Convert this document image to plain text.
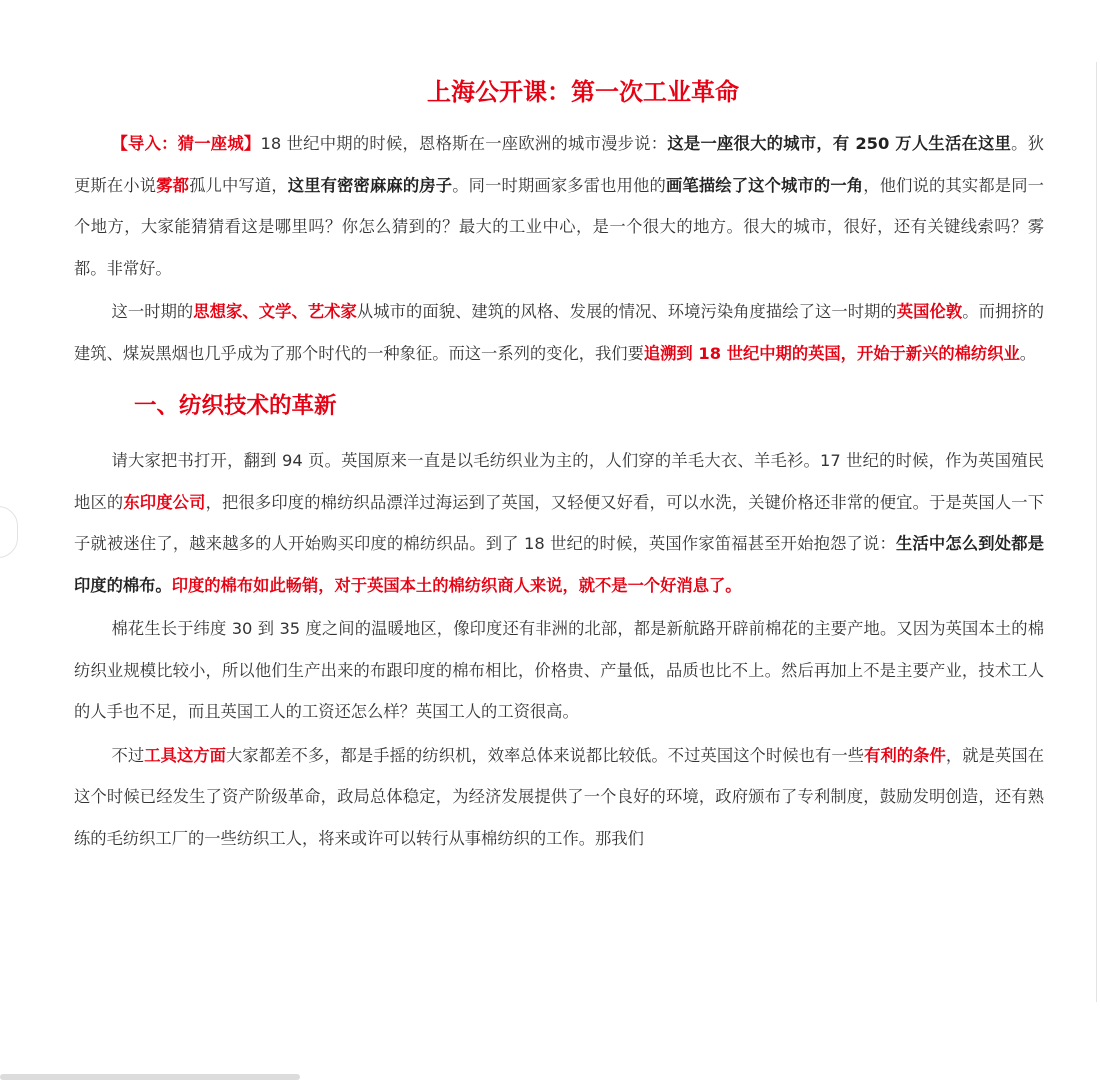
上海公开课：第一次工业革命

【导入：猜一座城】18 世纪中期的时候，恩格斯在一座欧洲的城市漫步说：这是一座很大的城市，有 250 万人生活在这里。狄更斯在小说雾都孤儿中写道，这里有密密麻麻的房子。同一时期画家多雷也用他的画笔描绘了这个城市的一角，他们说的其实都是同一个地方，大家能猜猜看这是哪里吗？你怎么猜到的？最大的工业中心，是一个很大的地方。很大的城市，很好，还有关键线索吗？雾都。非常好。

这一时期的思想家、文学、艺术家从城市的面貌、建筑的风格、发展的情况、环境污染角度描绘了这一时期的英国伦敦。而拥挤的建筑、煤炭黑烟也几乎成为了那个时代的一种象征。而这一系列的变化，我们要追溯到 18 世纪中期的英国，开始于新兴的棉纺织业。

一、纺织技术的革新

请大家把书打开，翻到 94 页。英国原来一直是以毛纺织业为主的，人们穿的羊毛大衣、羊毛衫。17 世纪的时候，作为英国殖民地区的东印度公司，把很多印度的棉纺织品漂洋过海运到了英国，又轻便又好看，可以水洗，关键价格还非常的便宜。于是英国人一下子就被迷住了，越来越多的人开始购买印度的棉纺织品。到了 18 世纪的时候，英国作家笛福甚至开始抱怨了说：生活中怎么到处都是印度的棉布。印度的棉布如此畅销，对于英国本土的棉纺织商人来说，就不是一个好消息了。

棉花生长于纬度 30 到 35 度之间的温暖地区，像印度还有非洲的北部，都是新航路开辟前棉花的主要产地。又因为英国本土的棉纺织业规模比较小，所以他们生产出来的布跟印度的棉布相比，价格贵、产量低，品质也比不上。然后再加上不是主要产业，技术工人的人手也不足，而且英国工人的工资还怎么样？英国工人的工资很高。

不过工具这方面大家都差不多，都是手摇的纺织机，效率总体来说都比较低。不过英国这个时候也有一些有利的条件，就是英国在这个时候已经发生了资产阶级革命，政局总体稳定，为经济发展提供了一个良好的环境，政府颁布了专利制度，鼓励发明创造，还有熟练的毛纺织工厂的一些纺织工人，将来或许可以转行从事棉纺织的工作。那我们
